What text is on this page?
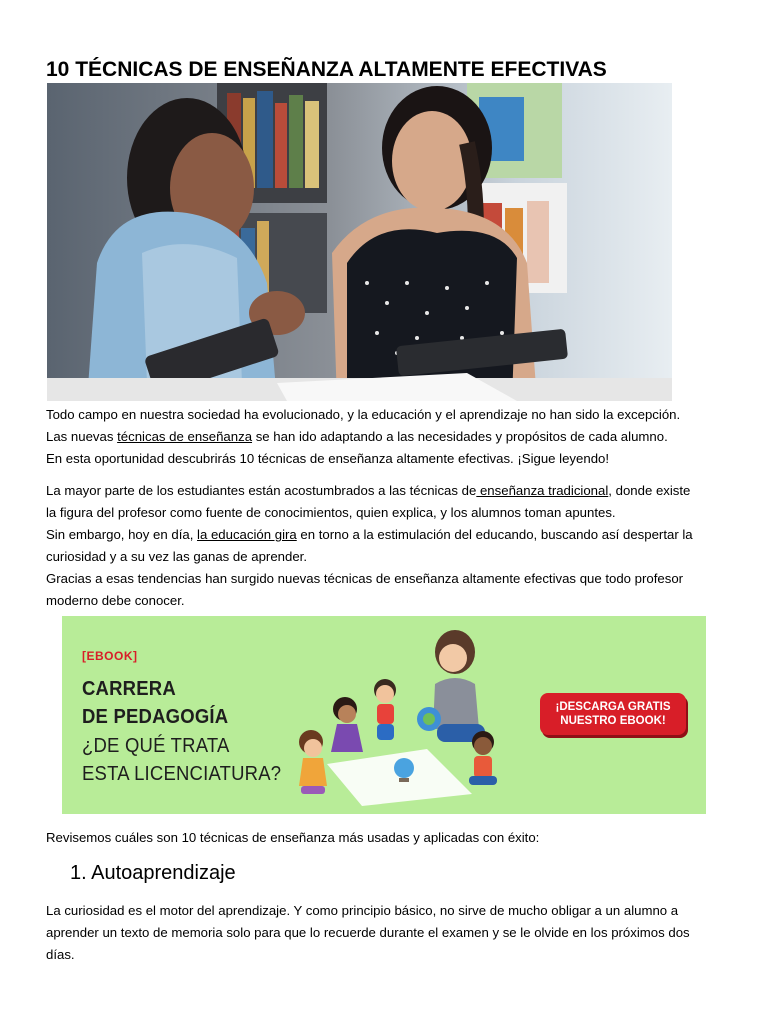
10 TÉCNICAS DE ENSEÑANZA ALTAMENTE EFECTIVAS
Todo campo en nuestra sociedad ha evolucionado, y la educación y el aprendizaje no han sido la excepción.
Las nuevas técnicas de enseñanza se han ido adaptando a las necesidades y propósitos de cada alumno.
En esta oportunidad descubrirás 10 técnicas de enseñanza altamente efectivas. ¡Sigue leyendo!
La mayor parte de los estudiantes están acostumbrados a las técnicas de enseñanza tradicional, donde existe
la figura del profesor como fuente de conocimientos, quien explica, y los alumnos toman apuntes.
Sin embargo, hoy en día, la educación gira en torno a la estimulación del educando, buscando así despertar la
curiosidad y a su vez las ganas de aprender.
Gracias a esas tendencias han surgido nuevas técnicas de enseñanza altamente efectivas que todo profesor
moderno debe conocer.
[EBOOK]
CARRERA
DE PEDAGOGÍA
¿DE QUÉ TRATA
ESTA LICENCIATURA?
¡DESCARGA GRATIS
NUESTRO EBOOK!
Revisemos cuáles son 10 técnicas de enseñanza más usadas y aplicadas con éxito:
1. Autoaprendizaje
La curiosidad es el motor del aprendizaje. Y como principio básico, no sirve de mucho obligar a un alumno a
aprender un texto de memoria solo para que lo recuerde durante el examen y se le olvide en los próximos dos
días.
